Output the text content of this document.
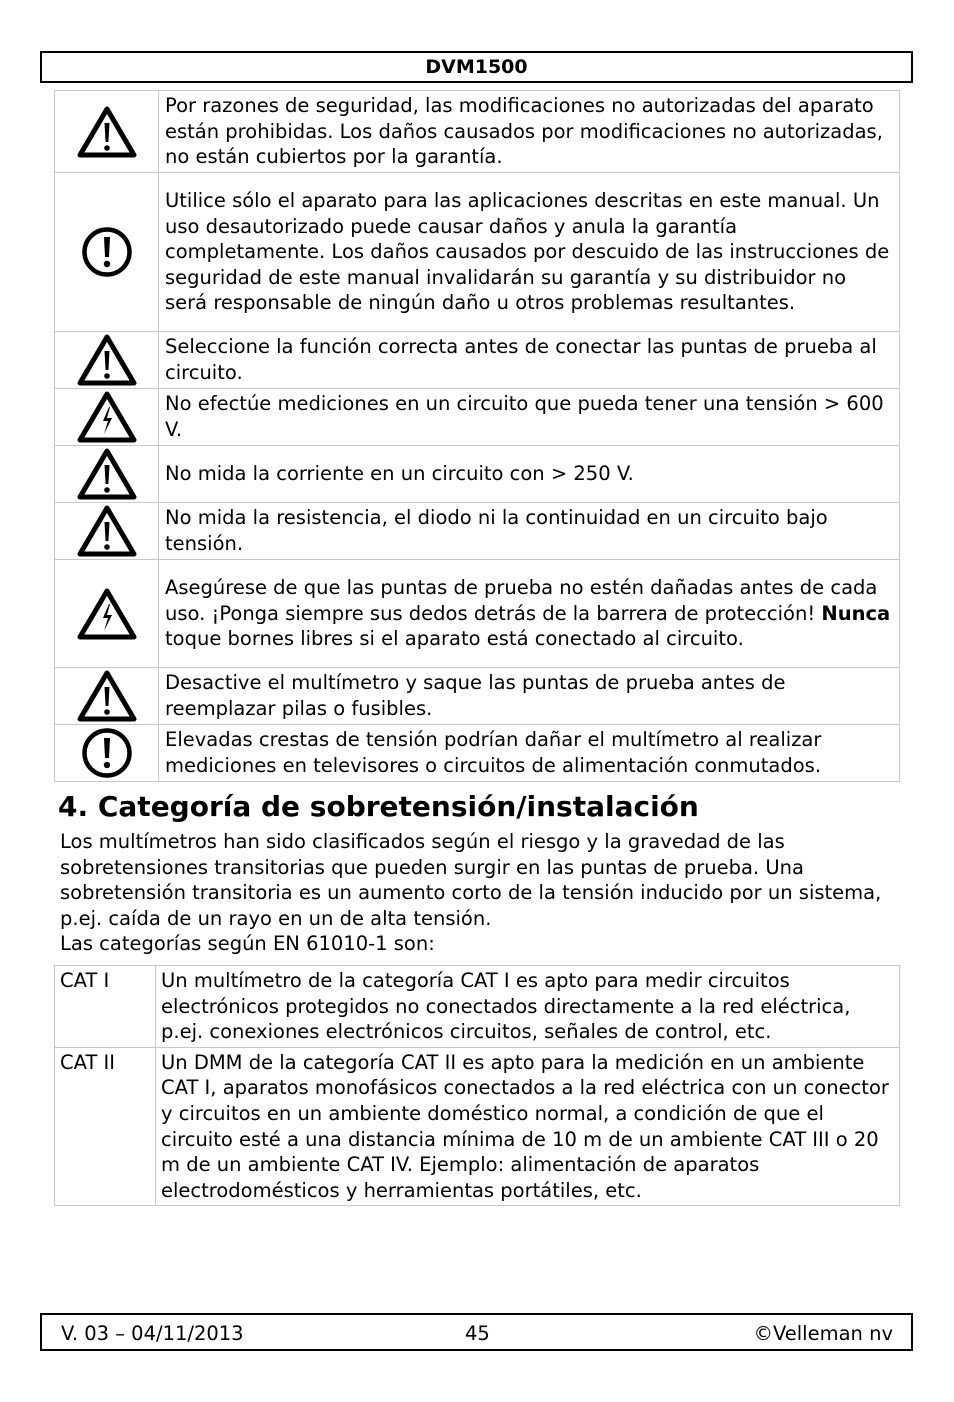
DVM1500
	Por razones de seguridad, las modificaciones no autorizadas del aparato están prohibidas. Los daños causados por modificaciones no autorizadas, no están cubiertos por la garantía.

	Utilice sólo el aparato para las aplicaciones descritas en este manual. Un uso desautorizado puede causar daños y anula la garantía completamente. Los daños causados por descuido de las instrucciones de seguridad de este manual invalidarán su garantía y su distribuidor no será responsable de ningún daño u otros problemas resultantes.

	Seleccione la función correcta antes de conectar las puntas de prueba al circuito.

	No efectúe mediciones en un circuito que pueda tener una tensión > 600 V.

	No mida la corriente en un circuito con > 250 V.

	No mida la resistencia, el diodo ni la continuidad en un circuito bajo tensión.

	Asegúrese de que las puntas de prueba no estén dañadas antes de cada uso. ¡Ponga siempre sus dedos detrás de la barrera de protección! Nunca toque bornes libres si el aparato está conectado al circuito.

	Desactive el multímetro y saque las puntas de prueba antes de reemplazar pilas o fusibles.

	Elevadas crestas de tensión podrían dañar el multímetro al realizar mediciones en televisores o circuitos de alimentación conmutados.
4. Categoría de sobretensión/instalación

Los multímetros han sido clasificados según el riesgo y la gravedad de las sobretensiones transitorias que pueden surgir en las puntas de prueba. Una sobretensión transitoria es un aumento corto de la tensión inducido por un sistema, p.ej. caída de un rayo en un de alta tensión.

Las categorías según EN 61010-1 son:

CAT I	Un multímetro de la categoría CAT I es apto para medir circuitos electrónicos protegidos no conectados directamente a la red eléctrica, p.ej. conexiones electrónicos circuitos, señales de control, etc.
CAT II	Un DMM de la categoría CAT II es apto para la medición en un ambiente CAT I, aparatos monofásicos conectados a la red eléctrica con un conector y circuitos en un ambiente doméstico normal, a condición de que el circuito esté a una distancia mínima de 10 m de un ambiente CAT III o 20 m de un ambiente CAT IV. Ejemplo: alimentación de aparatos electrodomésticos y herramientas portátiles, etc.
V. 03 – 04/11/2013	45	©Velleman nv
